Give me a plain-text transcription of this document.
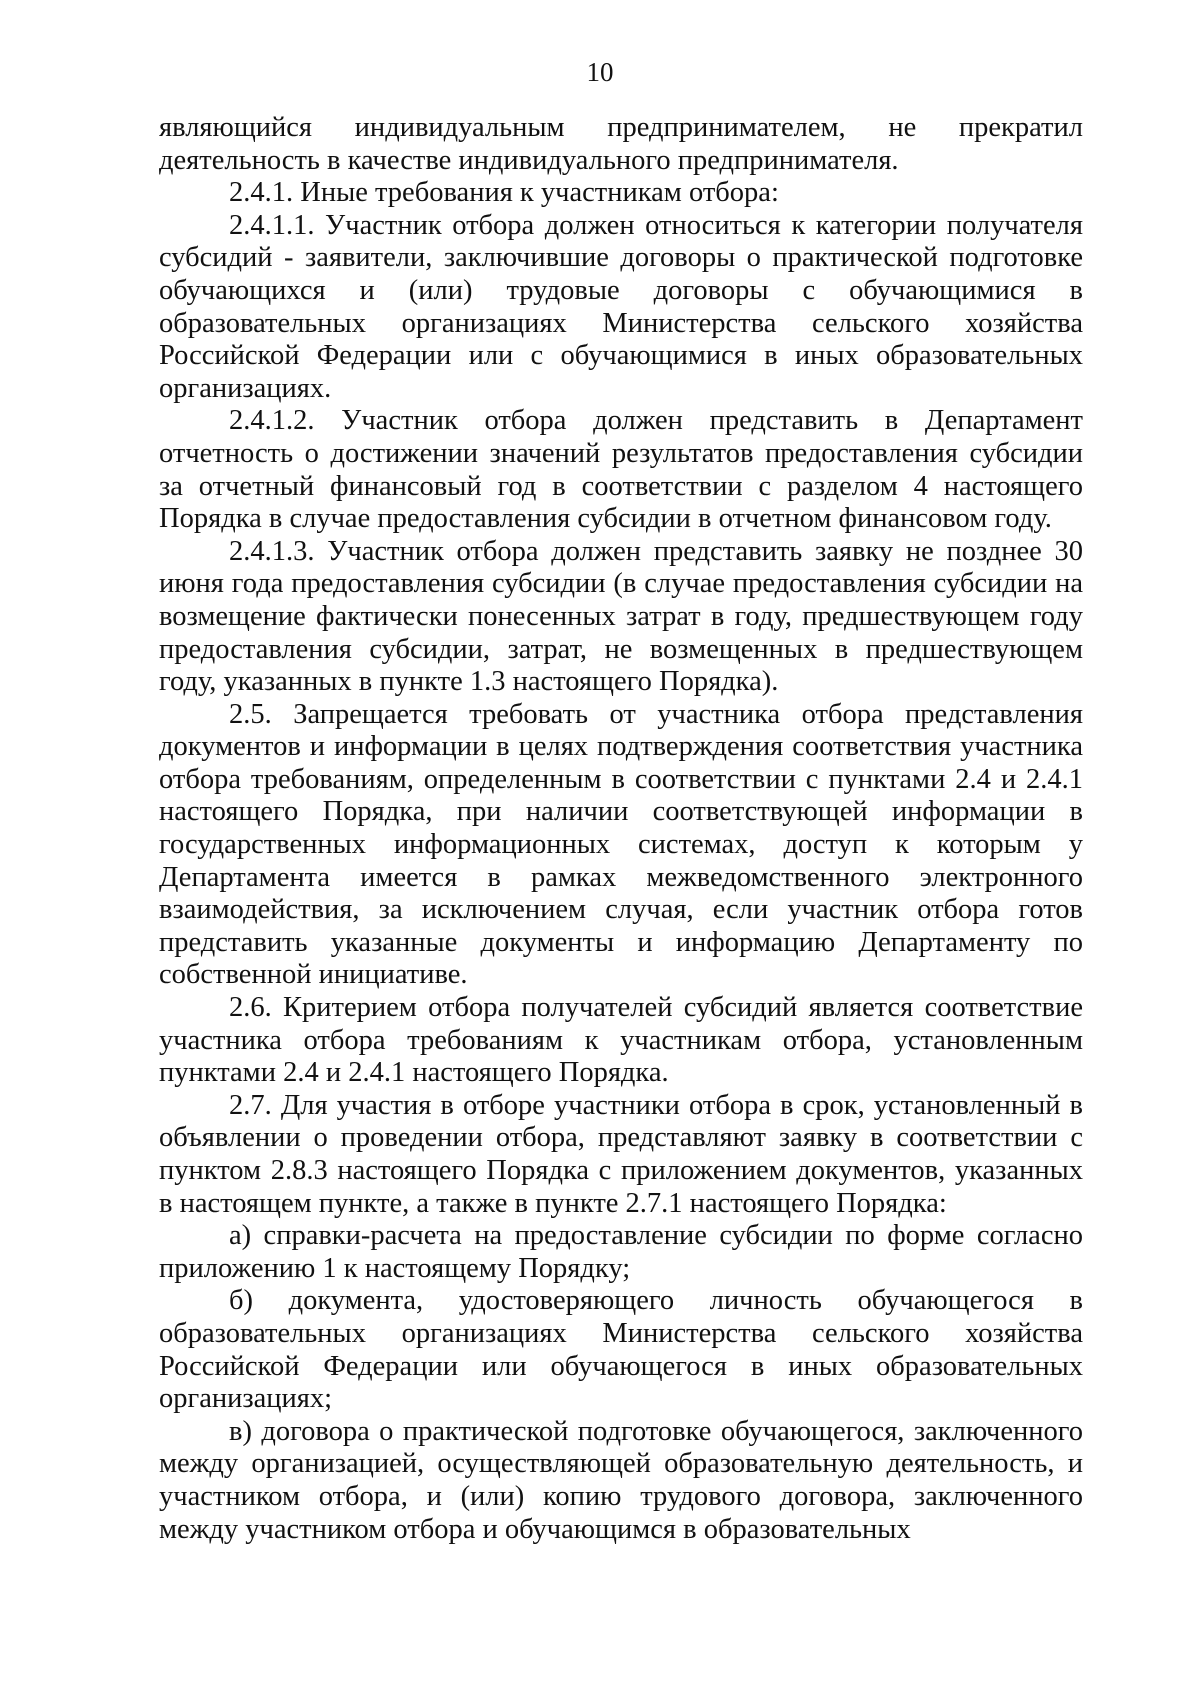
10

являющийся индивидуальным предпринимателем, не прекратил деятельность в качестве индивидуального предпринимателя.

2.4.1. Иные требования к участникам отбора:

2.4.1.1. Участник отбора должен относиться к категории получателя субсидий - заявители, заключившие договоры о практической подготовке обучающихся и (или) трудовые договоры с обучающимися в образовательных организациях Министерства сельского хозяйства Российской Федерации или с обучающимися в иных образовательных организациях.

2.4.1.2. Участник отбора должен представить в Департамент отчетность о достижении значений результатов предоставления субсидии за отчетный финансовый год в соответствии с разделом 4 настоящего Порядка в случае предоставления субсидии в отчетном финансовом году.

2.4.1.3. Участник отбора должен представить заявку не позднее 30 июня года предоставления субсидии (в случае предоставления субсидии на возмещение фактически понесенных затрат в году, предшествующем году предоставления субсидии, затрат, не возмещенных в предшествующем году, указанных в пункте 1.3 настоящего Порядка).

2.5. Запрещается требовать от участника отбора представления документов и информации в целях подтверждения соответствия участника отбора требованиям, определенным в соответствии с пунктами 2.4 и 2.4.1 настоящего Порядка, при наличии соответствующей информации в государственных информационных системах, доступ к которым у Департамента имеется в рамках межведомственного электронного взаимодействия, за исключением случая, если участник отбора готов представить указанные документы и информацию Департаменту по собственной инициативе.

2.6. Критерием отбора получателей субсидий является соответствие участника отбора требованиям к участникам отбора, установленным пунктами 2.4 и 2.4.1 настоящего Порядка.

2.7. Для участия в отборе участники отбора в срок, установленный в объявлении о проведении отбора, представляют заявку в соответствии с пунктом 2.8.3 настоящего Порядка с приложением документов, указанных в настоящем пункте, а также в пункте 2.7.1 настоящего Порядка:

а) справки-расчета на предоставление субсидии по форме согласно приложению 1 к настоящему Порядку;

б) документа, удостоверяющего личность обучающегося в образовательных организациях Министерства сельского хозяйства Российской Федерации или обучающегося в иных образовательных организациях;

в) договора о практической подготовке обучающегося, заключенного между организацией, осуществляющей образовательную деятельность, и участником отбора, и (или) копию трудового договора, заключенного между участником отбора и обучающимся в образовательных
